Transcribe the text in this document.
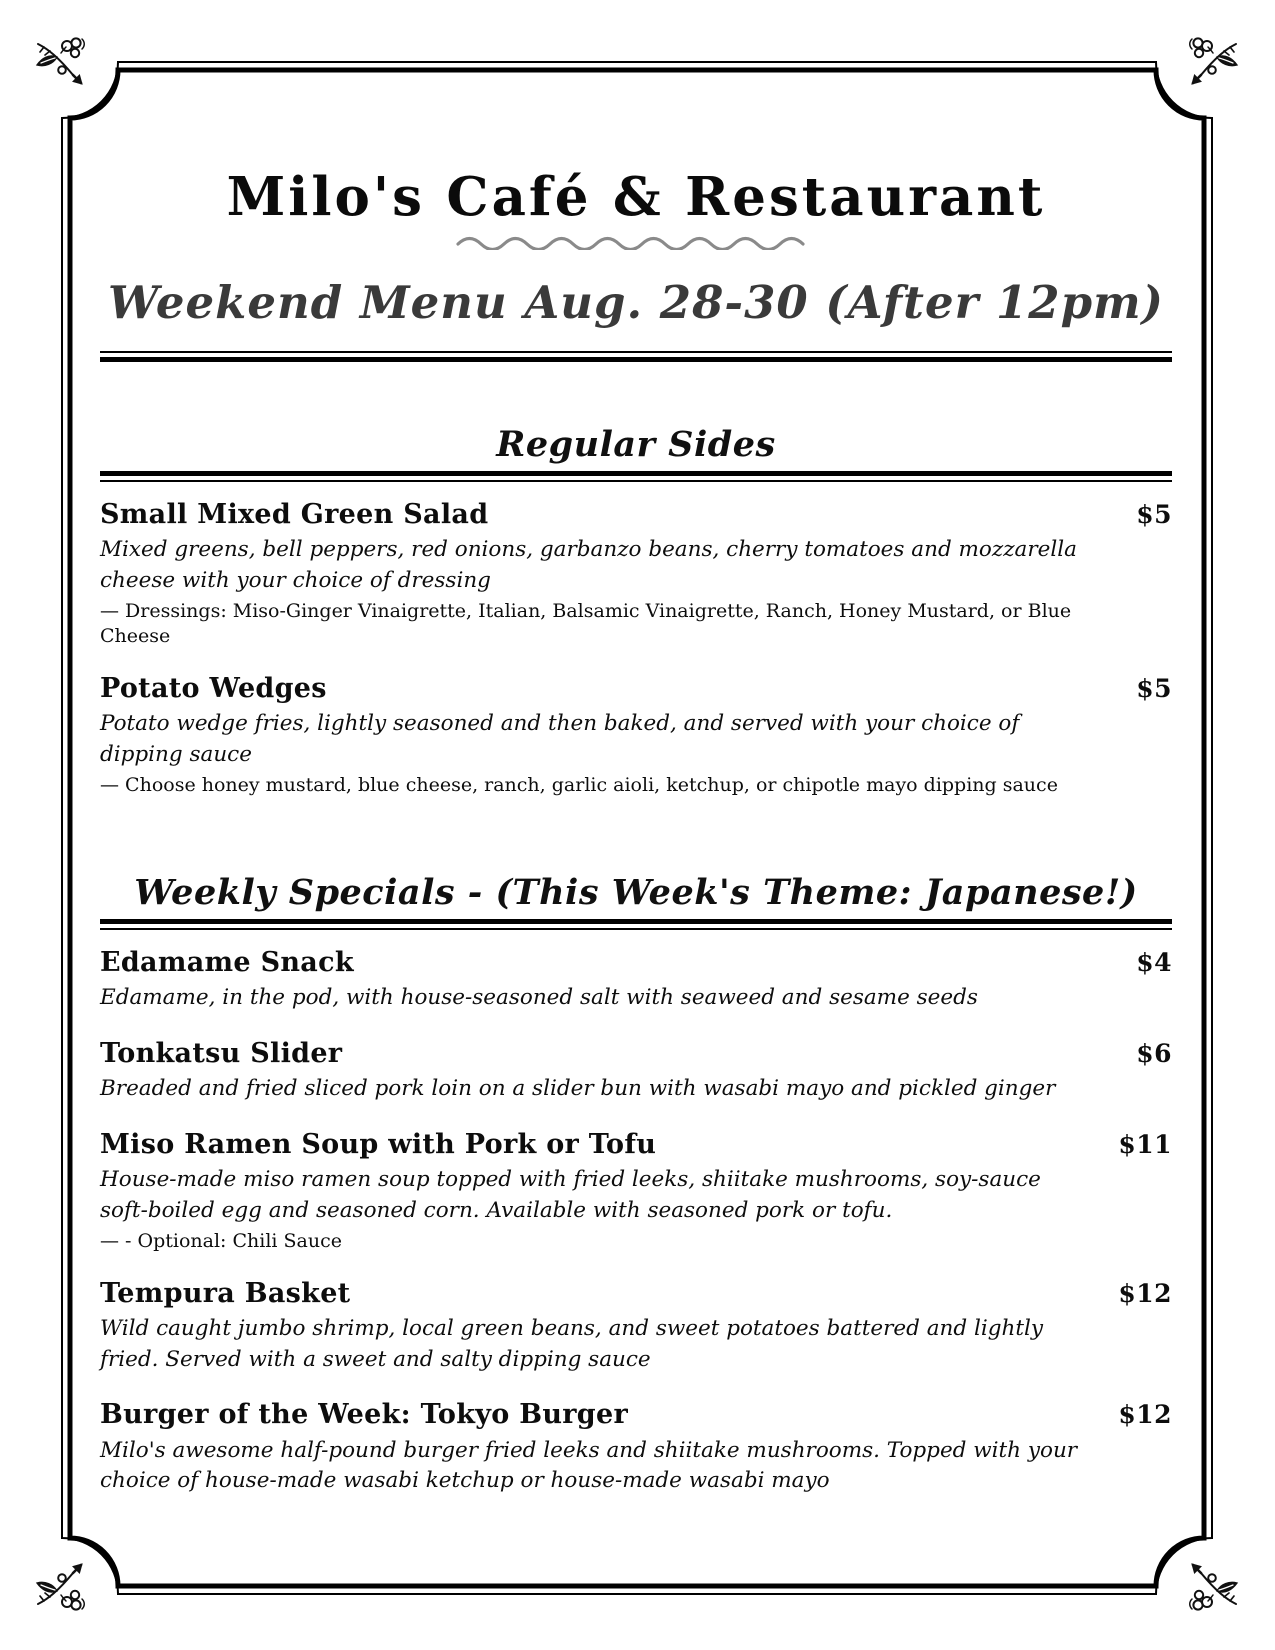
Milo's Café & Restaurant
Weekend Menu Aug. 28-30 (After 12pm)
Regular Sides
Small Mixed Green Salad	$5

Mixed greens, bell peppers, red onions, garbanzo beans, cherry tomatoes and mozzarella cheese with your choice of dressing

— Dressings: Miso-Ginger Vinaigrette, Italian, Balsamic Vinaigrette, Ranch, Honey Mustard, or Blue Cheese

Potato Wedges	$5

Potato wedge fries, lightly seasoned and then baked, and served with your choice of dipping sauce

— Choose honey mustard, blue cheese, ranch, garlic aioli, ketchup, or chipotle mayo dipping sauce

Weekly Specials - (This Week's Theme: Japanese!)
Edamame Snack	$4

Edamame, in the pod, with house-seasoned salt with seaweed and sesame seeds

Tonkatsu Slider	$6

Breaded and fried sliced pork loin on a slider bun with wasabi mayo and pickled ginger

Miso Ramen Soup with Pork or Tofu	$11

House-made miso ramen soup topped with fried leeks, shiitake mushrooms, soy-sauce soft-boiled egg and seasoned corn. Available with seasoned pork or tofu.

— - Optional: Chili Sauce

Tempura Basket	$12

Wild caught jumbo shrimp, local green beans, and sweet potatoes battered and lightly fried. Served with a sweet and salty dipping sauce

Burger of the Week: Tokyo Burger	$12

Milo's awesome half-pound burger fried leeks and shiitake mushrooms. Topped with your choice of house-made wasabi ketchup or house-made wasabi mayo
